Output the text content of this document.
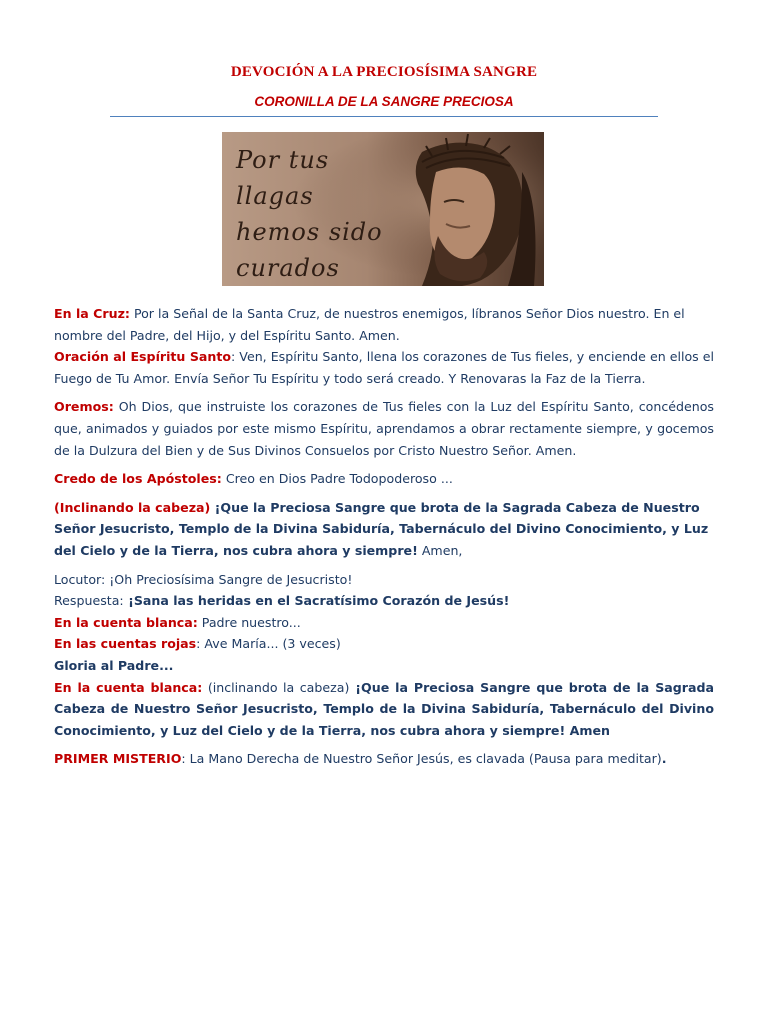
DEVOCIÓN A LA PRECIOSÍSIMA SANGRE
CORONILLA DE LA SANGRE PRECIOSA
Por tus
llagas
hemos sido
curados

En la Cruz: Por la Señal de la Santa Cruz, de nuestros enemigos, líbranos Señor Dios nuestro. En el nombre del Padre, del Hijo, y del Espíritu Santo. Amen.

Oración al Espíritu Santo: Ven, Espíritu Santo, llena los corazones de Tus fieles, y enciende en ellos el Fuego de Tu Amor. Envía Señor Tu Espíritu y todo será creado. Y Renovaras la Faz de la Tierra.

Oremos: Oh Dios, que instruiste los corazones de Tus fieles con la Luz del Espíritu Santo, concédenos que, animados y guiados por este mismo Espíritu, aprendamos a obrar rectamente siempre, y gocemos de la Dulzura del Bien y de Sus Divinos Consuelos por Cristo Nuestro Señor. Amen.

Credo de los Apóstoles: Creo en Dios Padre Todopoderoso ...

(Inclinando la cabeza) ¡Que la Preciosa Sangre que brota de la Sagrada Cabeza de Nuestro Señor Jesucristo, Templo de la Divina Sabiduría, Tabernáculo del Divino Conocimiento, y Luz del Cielo y de la Tierra, nos cubra ahora y siempre! Amen,

Locutor: ¡Oh Preciosísima Sangre de Jesucristo!

Respuesta: ¡Sana las heridas en el Sacratísimo Corazón de Jesús!

En la cuenta blanca: Padre nuestro...

En las cuentas rojas: Ave María... (3 veces)

Gloria al Padre...

En la cuenta blanca: (inclinando la cabeza) ¡Que la Preciosa Sangre que brota de la Sagrada Cabeza de Nuestro Señor Jesucristo, Templo de la Divina Sabiduría, Tabernáculo del Divino Conocimiento, y Luz del Cielo y de la Tierra, nos cubra ahora y siempre! Amen

PRIMER MISTERIO: La Mano Derecha de Nuestro Señor Jesús, es clavada (Pausa para meditar).
